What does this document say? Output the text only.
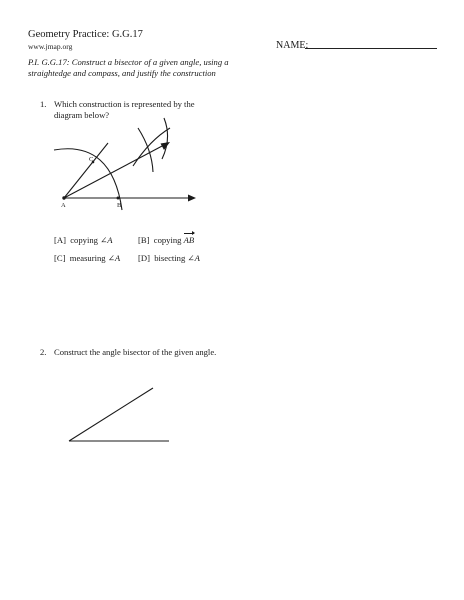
Geometry Practice: G.G.17
www.jmap.org	NAME:
P.I. G.G.17: Construct a bisector of a given angle, using a straightedge and compass, and justify the construction
1. Which construction is represented by the diagram below?
C
A	B
[A] copying ∠A	[B] copying AB
[C] measuring ∠A [D] bisecting ∠A
2. Construct the angle bisector of the given angle.
